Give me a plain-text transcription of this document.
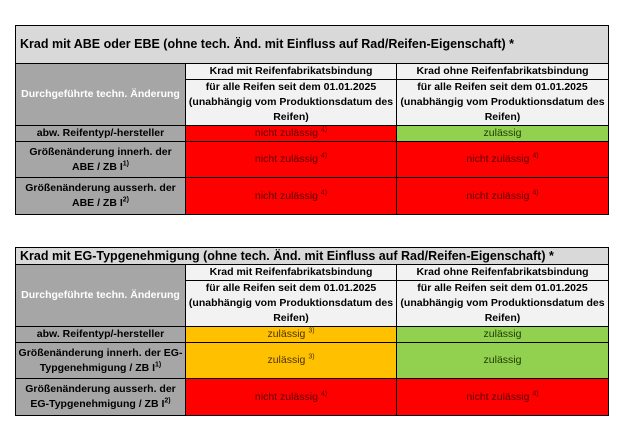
Krad mit ABE oder EBE (ohne tech. Änd. mit Einfluss auf Rad/Reifen-Eigenschaft) *		
Durchgeführte techn. Änderung	Krad mit Reifenfabrikatsbindung	Krad ohne Reifenfabrikatsbindung
	für alle Reifen seit dem 01.01.2025 (unabhängig vom Produktionsdatum des Reifen)	für alle Reifen seit dem 01.01.2025 (unabhängig vom Produktionsdatum des Reifen)
abw. Reifentyp/-hersteller	nicht zulässig $^{4)}$	zulässig
Größenänderung innerh. der ABE / ZB $I^{1)}$	nicht zulässig $^{4)}$	nicht zulässig $^{4)}$
Größenänderung ausserh. der ABE / ZB $I^{2)}$	nicht zulässig $^{4)}$	nicht zulässig $^{4)}$
Krad mit EG-Typgenehmigung (ohne tech. Änd. mit Einfluss auf Rad/Reifen-Eigenschaft) *		
Durchgeführte techn. Änderung	Krad mit Reifenfabrikatsbindung	Krad ohne Reifenfabrikatsbindung
	für alle Reifen seit dem 01.01.2025 (unabhängig vom Produktionsdatum des Reifen)	für alle Reifen seit dem 01.01.2025 (unabhängig vom Produktionsdatum des Reifen)
abw. Reifentyp/-hersteller	zulässig $^{3)}$	zulässig
Größenänderung innerh. der EG-Typgenehmigung / ZB $I^{1)}$	zulässig $^{3)}$	zulässig
Größenänderung ausserh. der EG-Typgenehmigung / ZB $I^{2)}$	nicht zulässig $^{4)}$	nicht zulässig $^{4)}$
